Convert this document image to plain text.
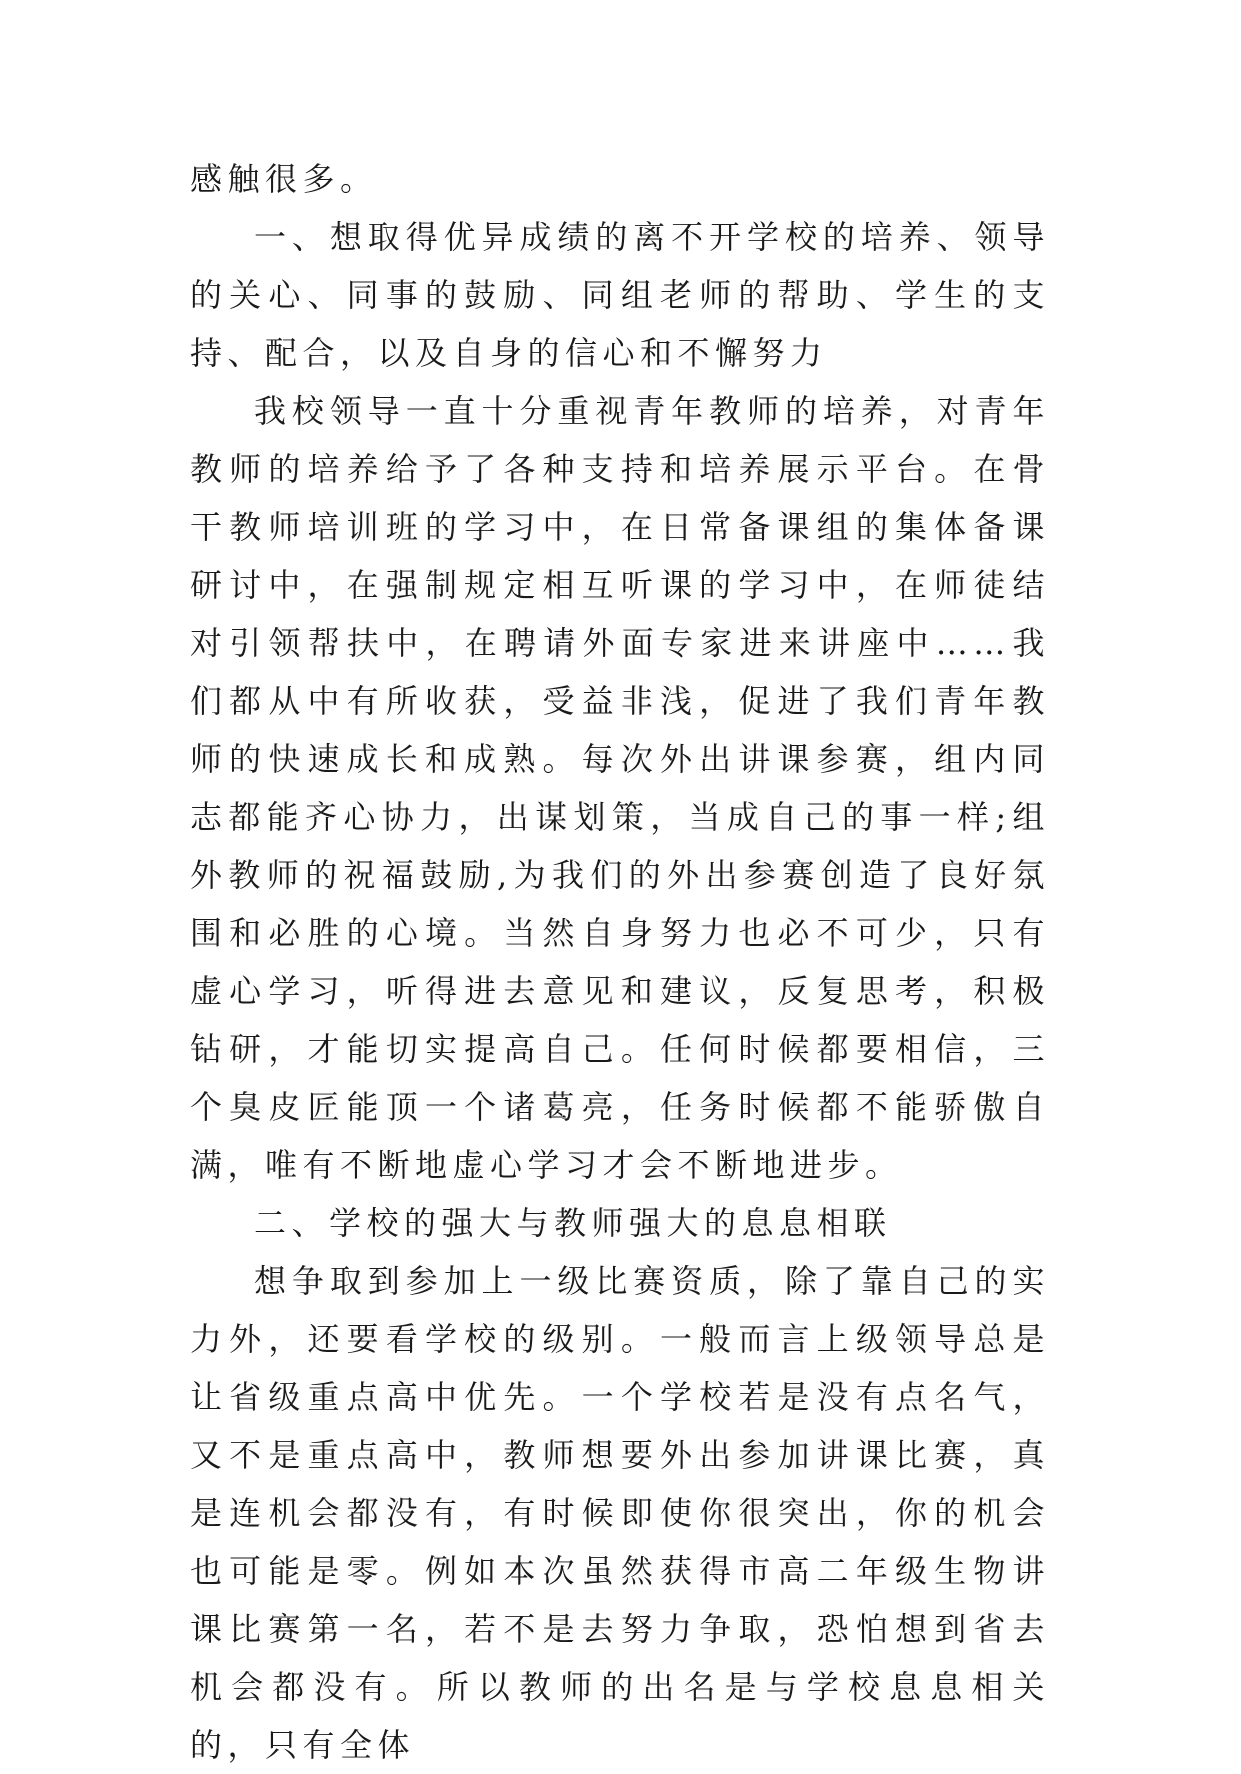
感触很多。

一、想取得优异成绩的离不开学校的培养、领导的关心、同事的鼓励、同组老师的帮助、学生的支持、配合，以及自身的信心和不懈努力

我校领导一直十分重视青年教师的培养，对青年教师的培养给予了各种支持和培养展示平台。在骨干教师培训班的学习中，在日常备课组的集体备课研讨中，在强制规定相互听课的学习中，在师徒结对引领帮扶中，在聘请外面专家进来讲座中……我们都从中有所收获，受益非浅，促进了我们青年教师的快速成长和成熟。每次外出讲课参赛，组内同志都能齐心协力，出谋划策，当成自己的事一样;组外教师的祝福鼓励,为我们的外出参赛创造了良好氛围和必胜的心境。当然自身努力也必不可少，只有虚心学习，听得进去意见和建议，反复思考，积极钻研，才能切实提高自己。任何时候都要相信，三个臭皮匠能顶一个诸葛亮，任务时候都不能骄傲自满，唯有不断地虚心学习才会不断地进步。

二、学校的强大与教师强大的息息相联

想争取到参加上一级比赛资质，除了靠自己的实力外，还要看学校的级别。一般而言上级领导总是让省级重点高中优先。一个学校若是没有点名气，又不是重点高中，教师想要外出参加讲课比赛，真是连机会都没有，有时候即使你很突出，你的机会也可能是零。例如本次虽然获得市高二年级生物讲课比赛第一名，若不是去努力争取，恐怕想到省去机会都没有。所以教师的出名是与学校息息相关的，只有全体
